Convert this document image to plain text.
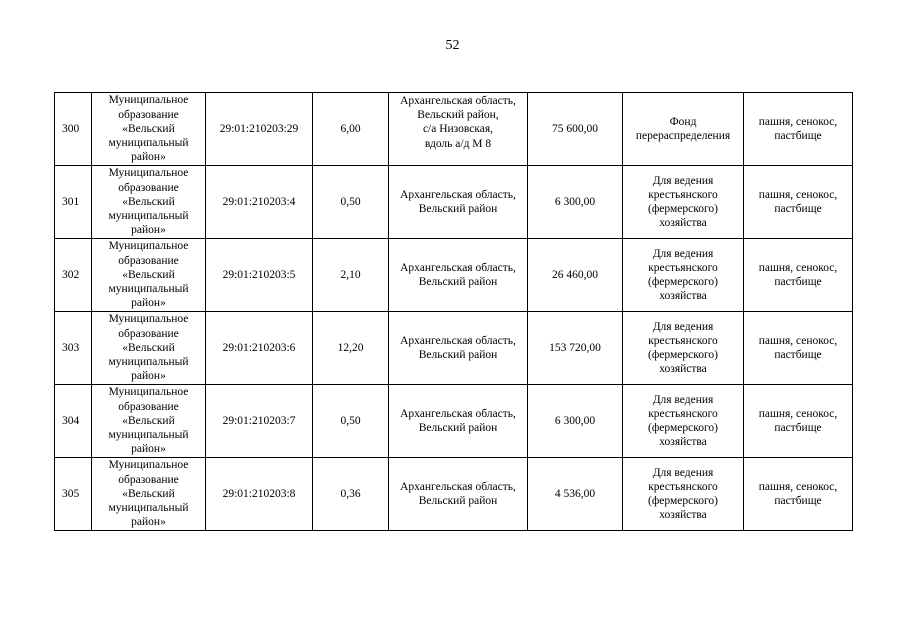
52
300	Муниципальное
образование
«Вельский
муниципальный
район»	29:01:210203:29	6,00	Архангельская область,
Вельский район,
с/а Низовская,
вдоль а/д М 8	75 600,00	Фонд
перераспределения	пашня, сенокос,
пастбище

301	Муниципальное
образование
«Вельский
муниципальный
район»	29:01:210203:4	0,50	Архангельская область,
Вельский район	6 300,00	Для ведения
крестьянского
(фермерского)
хозяйства	пашня, сенокос,
пастбище

302	Муниципальное
образование
«Вельский
муниципальный
район»	29:01:210203:5	2,10	Архангельская область,
Вельский район	26 460,00	Для ведения
крестьянского
(фермерского)
хозяйства	пашня, сенокос,
пастбище

303	Муниципальное
образование
«Вельский
муниципальный
район»	29:01:210203:6	12,20	Архангельская область,
Вельский район	153 720,00	Для ведения
крестьянского
(фермерского)
хозяйства	пашня, сенокос,
пастбище

304	Муниципальное
образование
«Вельский
муниципальный
район»	29:01:210203:7	0,50	Архангельская область,
Вельский район	6 300,00	Для ведения
крестьянского
(фермерского)
хозяйства	пашня, сенокос,
пастбище

305	Муниципальное
образование
«Вельский
муниципальный
район»	29:01:210203:8	0,36	Архангельская область,
Вельский район	4 536,00	Для ведения
крестьянского
(фермерского)
хозяйства	пашня, сенокос,
пастбище
